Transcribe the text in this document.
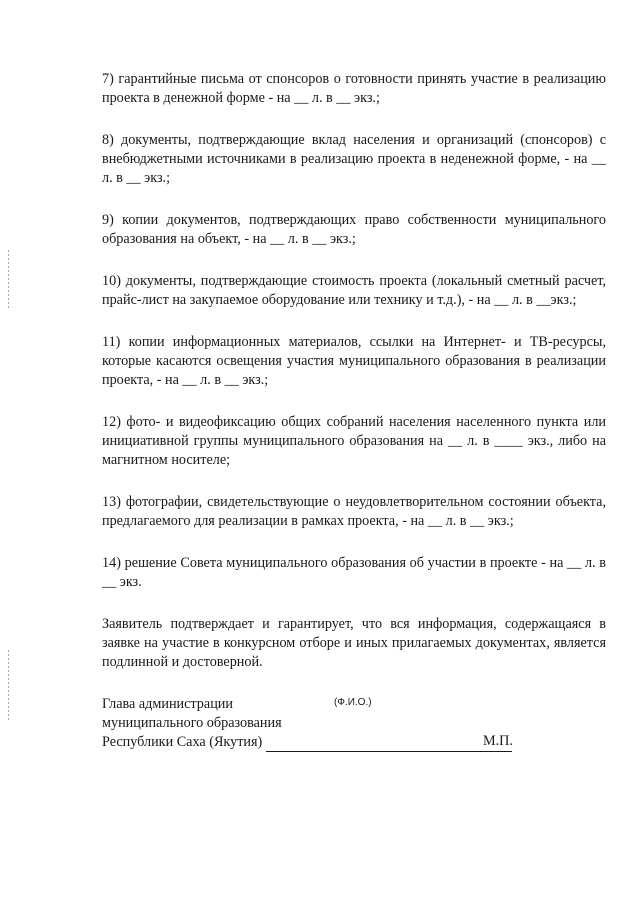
7) гарантийные письма от спонсоров о готовности принять участие в реализацию проекта в денежной форме - на __ л. в __ экз.;

8) документы, подтверждающие вклад населения и организаций (спонсоров) с внебюджетными источниками в реализацию проекта в неденежной форме, - на __ л. в __ экз.;

9) копии документов, подтверждающих право собственности муниципального образования на объект, - на __ л. в __ экз.;

10) документы, подтверждающие стоимость проекта (локальный сметный расчет, прайс-лист на закупаемое оборудование или технику и т.д.), - на __ л. в __экз.;

11) копии информационных материалов, ссылки на Интернет- и ТВ-ресурсы, которые касаются освещения участия муниципального образования в реализации проекта, - на __ л. в __ экз.;

12) фото- и видеофиксацию общих собраний населения населенного пункта или инициативной группы муниципального образования на __ л. в ____ экз., либо на магнитном носителе;

13) фотографии, свидетельствующие о неудовлетворительном состоянии объекта, предлагаемого для реализации в рамках проекта, - на __ л. в __ экз.;

14) решение Совета муниципального образования об участии в проекте - на __ л. в __ экз.

Заявитель подтверждает и гарантирует, что вся информация, содержащаяся в заявке на участие в конкурсном отборе и иных прилагаемых документах, является подлинной и достоверной.

Глава администрации
муниципального образования
Республики Саха (Якутия)
(Ф.И.О.)
М.П.
